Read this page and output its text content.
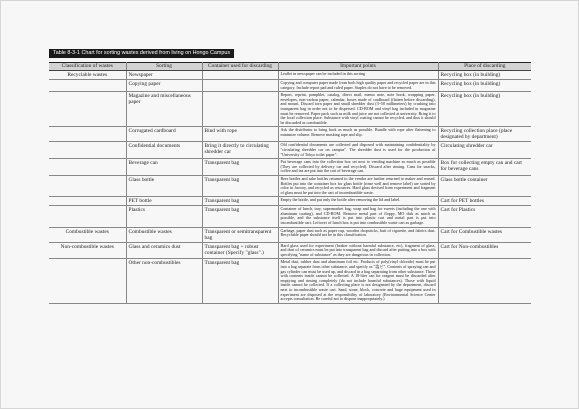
Table 8-3-1 Chart for sorting wastes derived from living on Hongo Campus
Classification of wastes	Sorting	Container used for discarding	Important points	Place of discarding
Recyclable wastes	Newspaper		Leaflet in newspaper can be included in this sorting	Recycling box (in building)
	Copying paper		Copying and computer paper made from both high quality paper and recycled paper are in this category. Include report pad and ruled paper. Staples do not have to be removed.	Recycling box (in building)
	Magazine and miscellaneous paper		Report, reprint, pamphlet, catalog, direct mail, memo note, note book, wrapping paper, envelopes, non-carbon paper, calendar, boxes made of cardboard (flatten before discarding), and mount. Discard torn paper and small shredder dust (3~50 millimeters) by crushing into transparent bag in order not to be dispersed. CD-ROM and vinyl bag included in magazine must be removed. Paper pack such as milk and juice are not collected at university. Bring it to the local collection place. Substance with vinyl coating cannot be recycled, and thus it should be discarded as combustible.	Recycling box (in building)
	Corrugated cardboard	Bind with rope	Ask the distributor to bring back as much as possible. Bundle with rope after flattening to minimize volume. Remove masking tape and slip.	Recycling collection place (place designated by department)
	Confidential documents	Bring it directly to circulating shredder car	Old confidential documents are collected and disposed with maintaining confidentiality by "circulating shredder car on campus". The shredder dust is used for the production of "University of Tokyo toilet paper".	Circulating shredder car
	Beverage can	Transparent bag	Put beverage cans into the collection box set next to vending machine as much as possible (They are collected by delivery car and recycled). Discard after rinsing. Cans for snacks, coffee and tea are put into the cart of beverage can.	Box for collecting empty can and cart for beverage cans
	Glass bottle	Transparent bag	Beer bottles and sake bottles returned to the vendor are further returned to maker and reused. Bottles put into the container box for glass bottle (rinse well and remove label) are sorted by color in factory, and recycled as resources. Hard glass devised from experiment and fragment of glass must be put into the cart of incombustible waste.	Glass bottle container
	PET bottle	Transparent bag	Empty the bottle, and put only the bottle after removing the lid and label.	Cart for PET bottles
	Plastics	Transparent bag	Container of lunch, tray, supermarket bag, wrap and bag for sweets (including the one with aluminum coating), and CD-ROM. Remove metal part of floppy, MO disk as much as possible, and the substance itself is put into plastic cart and metal part is put into incombustible cart. Leftover of lunch box is put into combustible waste cart as garbage.	Cart for Plastics
Combustible wastes	Combustible wastes	Transparent or semitransparent bag	Garbage, paper dust such as paper cup, wooden chopsticks, butt of cigarette, and fabrics dust. Recyclable paper should not be in this classification.	Cart for Combustible wastes
Non-combustible wastes	Glass and ceramics dust	Transparent bag + robust container (Specify "glass".)	Hard glass used for experiment (beaker without harmful substance, etc), fragment of glass, and dust of ceramics must be put into transparent bag and discard after putting into a box with specifying "name of substance" as they are dangerous in collection.	Cart for Non-combustibles
	Other non-combustibles	Transparent bag	Metal dust, rubber dust and aluminum foil etc. Products of poly(vinyl chloride) must be put into a bag separate from other substance, and specify as "塩ビ". Contents of spraying can and gas cylinder can must be used up, and discard in a bag separating from other substance. Those with contents inside cannot be collected. A 18-liter can for reagent must be discarded after emptying and rinsing completely (do not include harmful substances). Those with liquid inside cannot be collected. If a collecting place is not designated by the department, discard next to incombustible waste cart. Sand, stone, block, concrete and large equipment used in experiment are disposed at the responsibility of laboratory (Environmental Science Center accepts consultation. Be careful not to dispose inappropriately.)	
